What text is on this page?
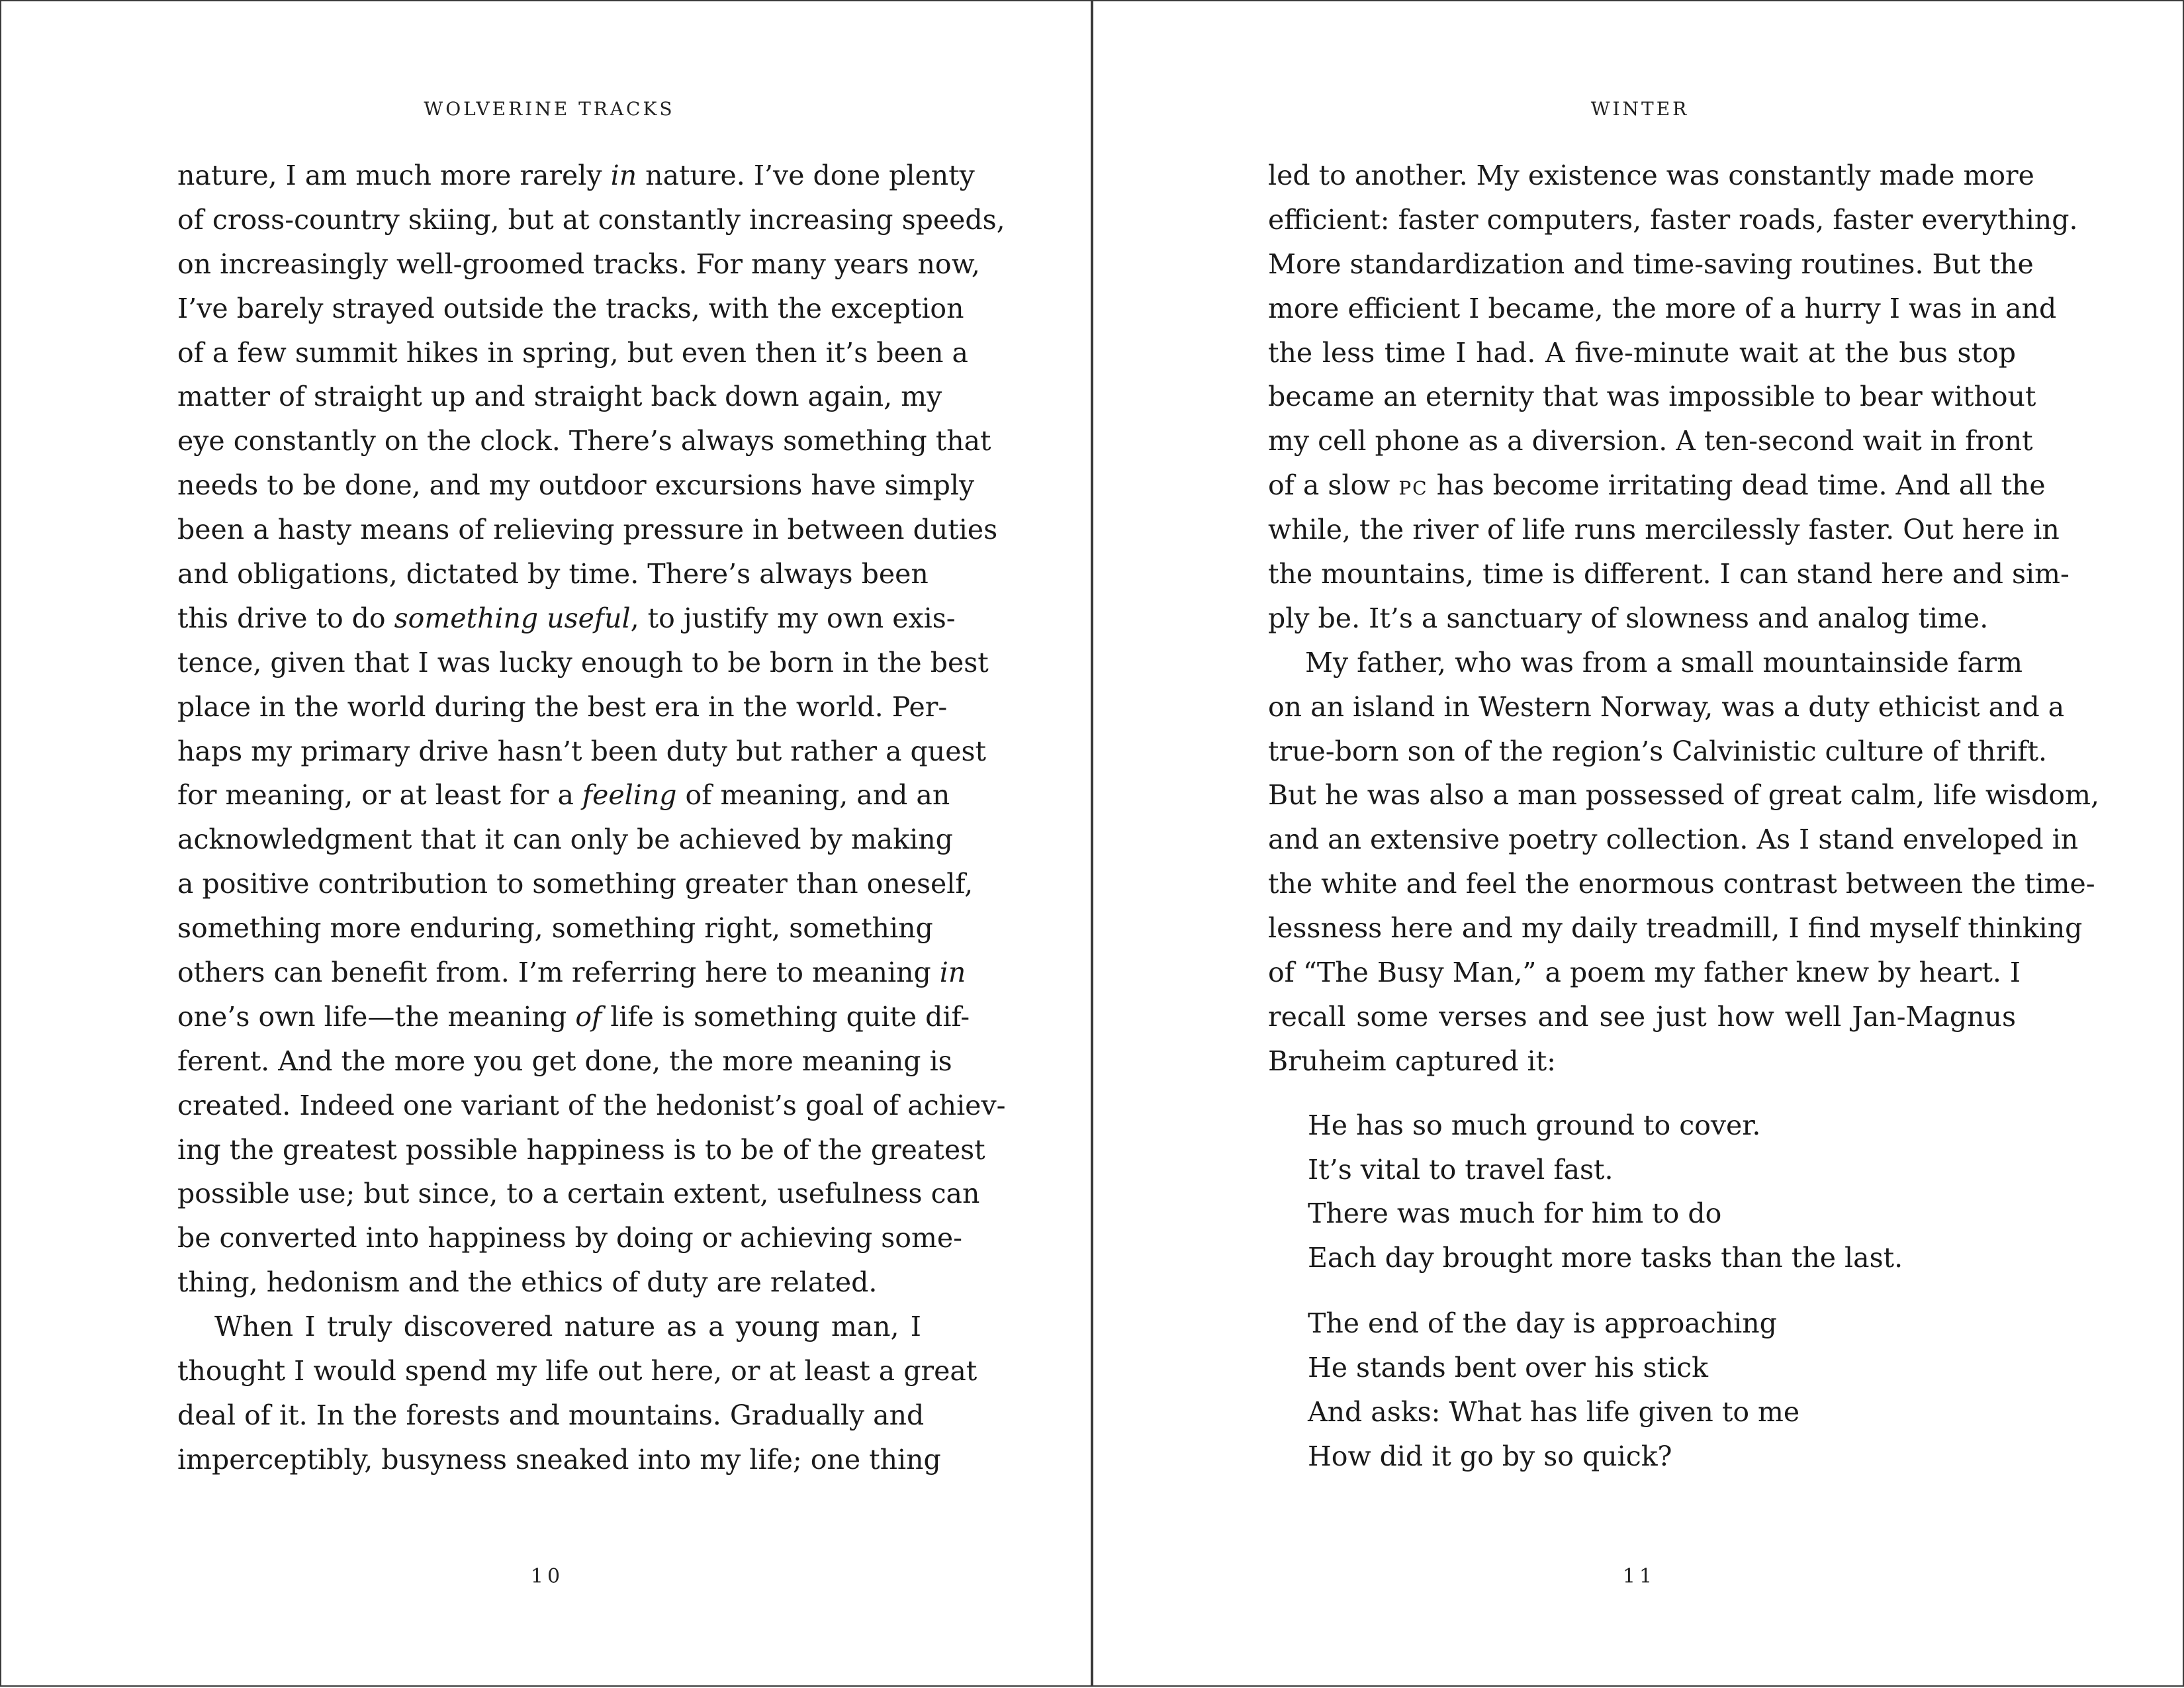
WOLVERINE TRACKS
nature, I am much more rarely in nature. I’ve done plenty
of cross-country skiing, but at constantly increasing speeds,
on increasingly well-groomed tracks. For many years now,
I’ve barely strayed outside the tracks, with the exception
of a few summit hikes in spring, but even then it’s been a
matter of straight up and straight back down again, my
eye constantly on the clock. There’s always something that
needs to be done, and my outdoor excursions have simply
been a hasty means of relieving pressure in between duties
and obligations, dictated by time. There’s always been
this drive to do something useful, to justify my own exis-
tence, given that I was lucky enough to be born in the best
place in the world during the best era in the world. Per-
haps my primary drive hasn’t been duty but rather a quest
for meaning, or at least for a feeling of meaning, and an
acknowledgment that it can only be achieved by making
a positive contribution to something greater than oneself,
something more enduring, something right, something
others can benefit from. I’m referring here to meaning in
one’s own life—the meaning of life is something quite dif-
ferent. And the more you get done, the more meaning is
created. Indeed one variant of the hedonist’s goal of achiev-
ing the greatest possible happiness is to be of the greatest
possible use; but since, to a certain extent, usefulness can
be converted into happiness by doing or achieving some-
thing, hedonism and the ethics of duty are related.
When I truly discovered nature as a young man, I
thought I would spend my life out here, or at least a great
deal of it. In the forests and mountains. Gradually and
imperceptibly, busyness sneaked into my life; one thing
10
WINTER
led to another. My existence was constantly made more
efficient: faster computers, faster roads, faster everything.
More standardization and time-saving routines. But the
more efficient I became, the more of a hurry I was in and
the less time I had. A five-minute wait at the bus stop
became an eternity that was impossible to bear without
my cell phone as a diversion. A ten-second wait in front
of a slow PC has become irritating dead time. And all the
while, the river of life runs mercilessly faster. Out here in
the mountains, time is different. I can stand here and sim-
ply be. It’s a sanctuary of slowness and analog time.
My father, who was from a small mountainside farm
on an island in Western Norway, was a duty ethicist and a
true-born son of the region’s Calvinistic culture of thrift.
But he was also a man possessed of great calm, life wisdom,
and an extensive poetry collection. As I stand enveloped in
the white and feel the enormous contrast between the time-
lessness here and my daily treadmill, I find myself thinking
of “The Busy Man,” a poem my father knew by heart. I
recall some verses and see just how well Jan-Magnus
Bruheim captured it:
He has so much ground to cover.
It’s vital to travel fast.
There was much for him to do
Each day brought more tasks than the last.
The end of the day is approaching
He stands bent over his stick
And asks: What has life given to me
How did it go by so quick?
11
